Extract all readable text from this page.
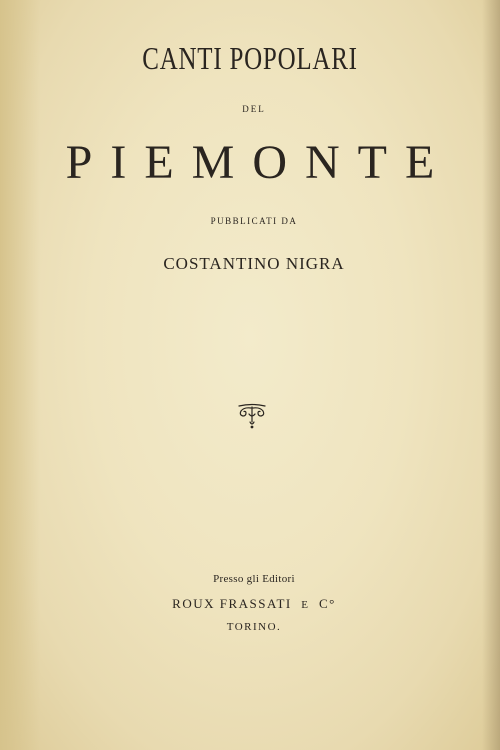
CANTI POPOLARI
DEL
PIEMONTE
PUBBLICATI DA
COSTANTINO NIGRA
Presso gli Editori
ROUX FRASSATI E C°
TORINO.
